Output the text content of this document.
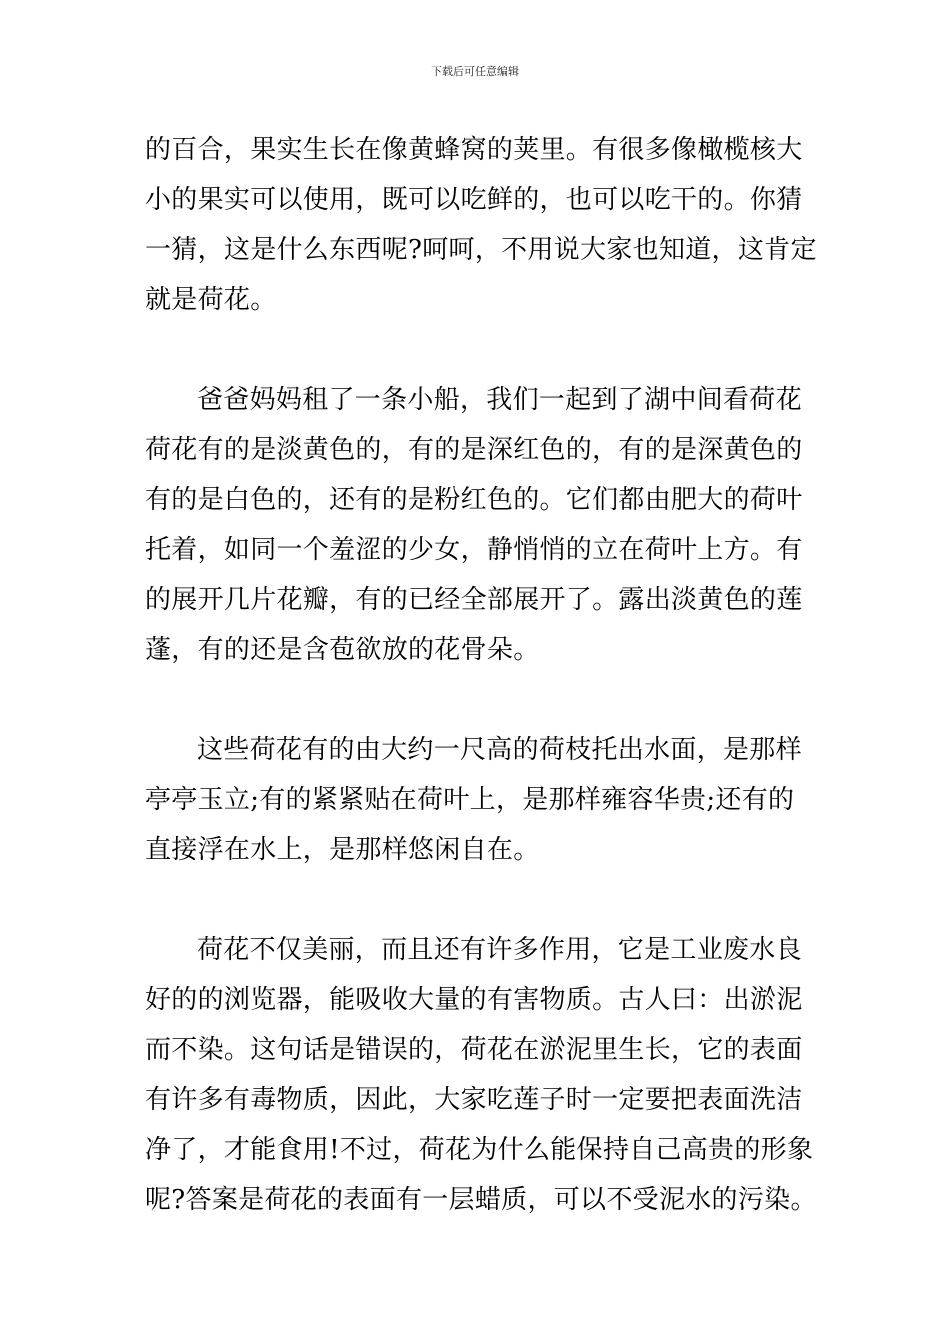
下载后可任意编辑
的百合，果实生长在像黄蜂窝的荚里。有很多像橄榄核大
小的果实可以使用，既可以吃鲜的，也可以吃干的。你猜
一猜，这是什么东西呢?呵呵，不用说大家也知道，这肯定
就是荷花。
爸爸妈妈租了一条小船，我们一起到了湖中间看荷花
荷花有的是淡黄色的，有的是深红色的，有的是深黄色的
有的是白色的，还有的是粉红色的。它们都由肥大的荷叶
托着，如同一个羞涩的少女，静悄悄的立在荷叶上方。有
的展开几片花瓣，有的已经全部展开了。露出淡黄色的莲
蓬，有的还是含苞欲放的花骨朵。
这些荷花有的由大约一尺高的荷枝托出水面，是那样
亭亭玉立;有的紧紧贴在荷叶上，是那样雍容华贵;还有的
直接浮在水上，是那样悠闲自在。
荷花不仅美丽，而且还有许多作用，它是工业废水良
好的的浏览器，能吸收大量的有害物质。古人曰：出淤泥
而不染。这句话是错误的，荷花在淤泥里生长，它的表面
有许多有毒物质，因此，大家吃莲子时一定要把表面洗洁
净了，才能食用!不过，荷花为什么能保持自己高贵的形象
呢?答案是荷花的表面有一层蜡质，可以不受泥水的污染。
